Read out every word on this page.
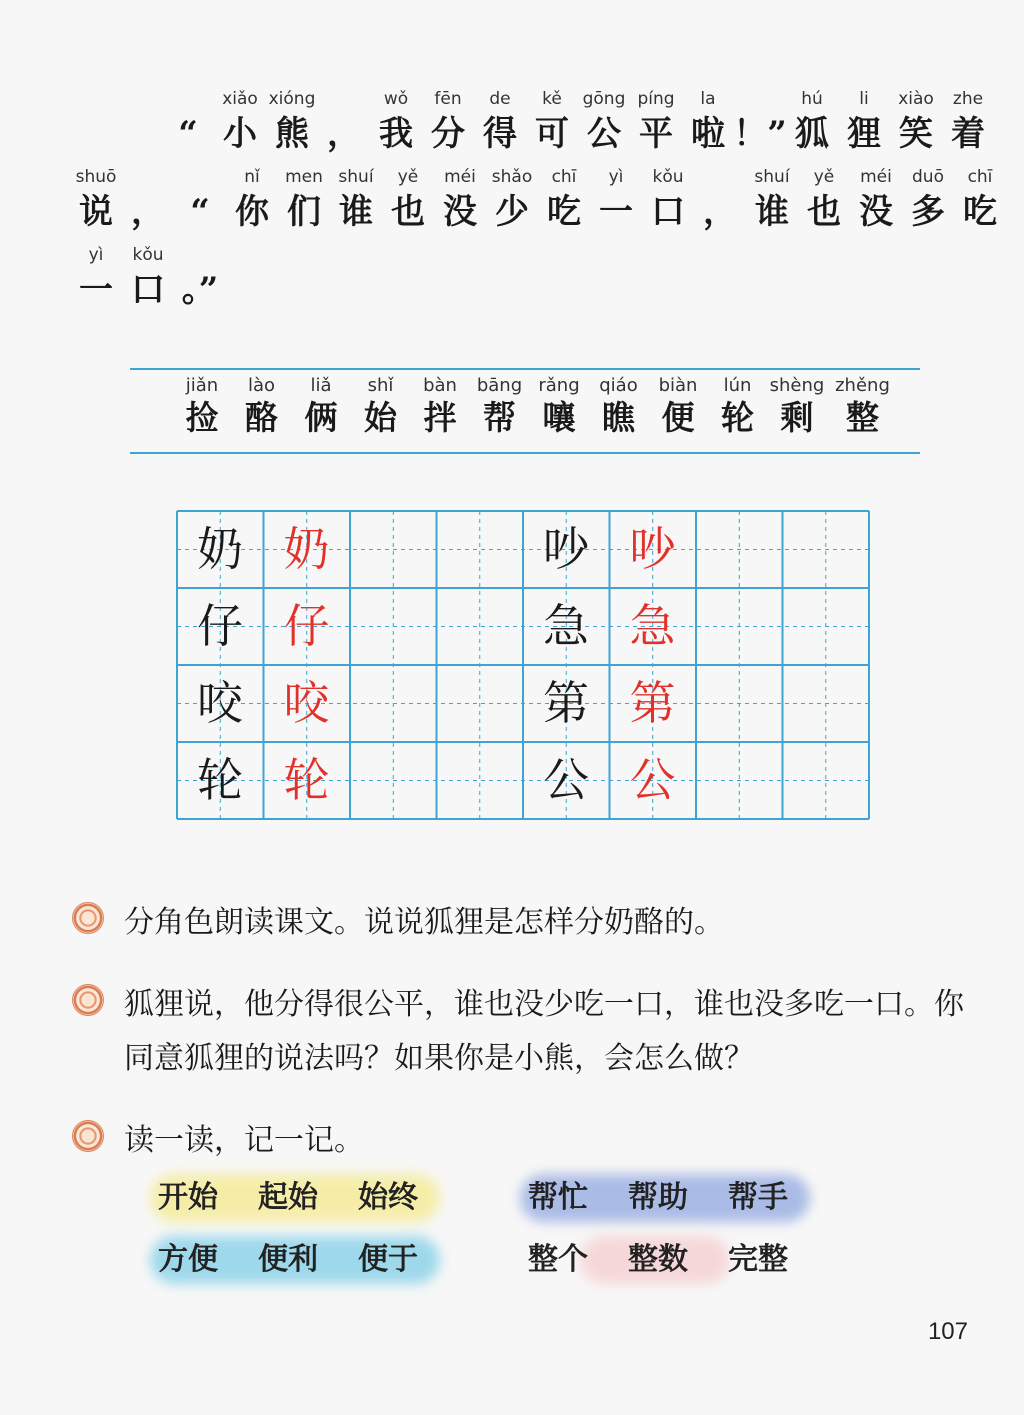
“
xiǎo
小
xióng
熊 ，
wǒ
我
fēn
分
de
得
kě
可
gōng
公
píng
平
la
啦 ！”
hú
狐
li
狸
xiào
笑
zhe
着
shuō
说 ， “
nǐ
你
men
们
shuí
谁
yě
也
méi
没
shǎo
少
chī
吃
yì
一
kǒu
口 ，
shuí
谁
yě
也
méi
没
duō
多
chī
吃
yì
一
kǒu
口 。”
jiǎn
捡
lào
酪
liǎ
俩
shǐ
始
bàn
拌
bāng
帮
rǎng
嚷
qiáo
瞧
biàn
便
lún
轮
shèng
剩
zhěng
整
奶 奶
仔 仔
咬 咬
轮 轮
吵 吵
急 急
第 第
公 公
分角色朗读课文。说说狐狸是怎样分奶酪的。
狐狸说，他分得很公平，谁也没少吃一口，谁也没多吃一口。你同意狐狸的说法吗？如果你是小熊，会怎么做？
读一读，记一记。
开始 起始 始终	帮忙 帮助 帮手
方便 便利 便于	整个 整数 完整
107
